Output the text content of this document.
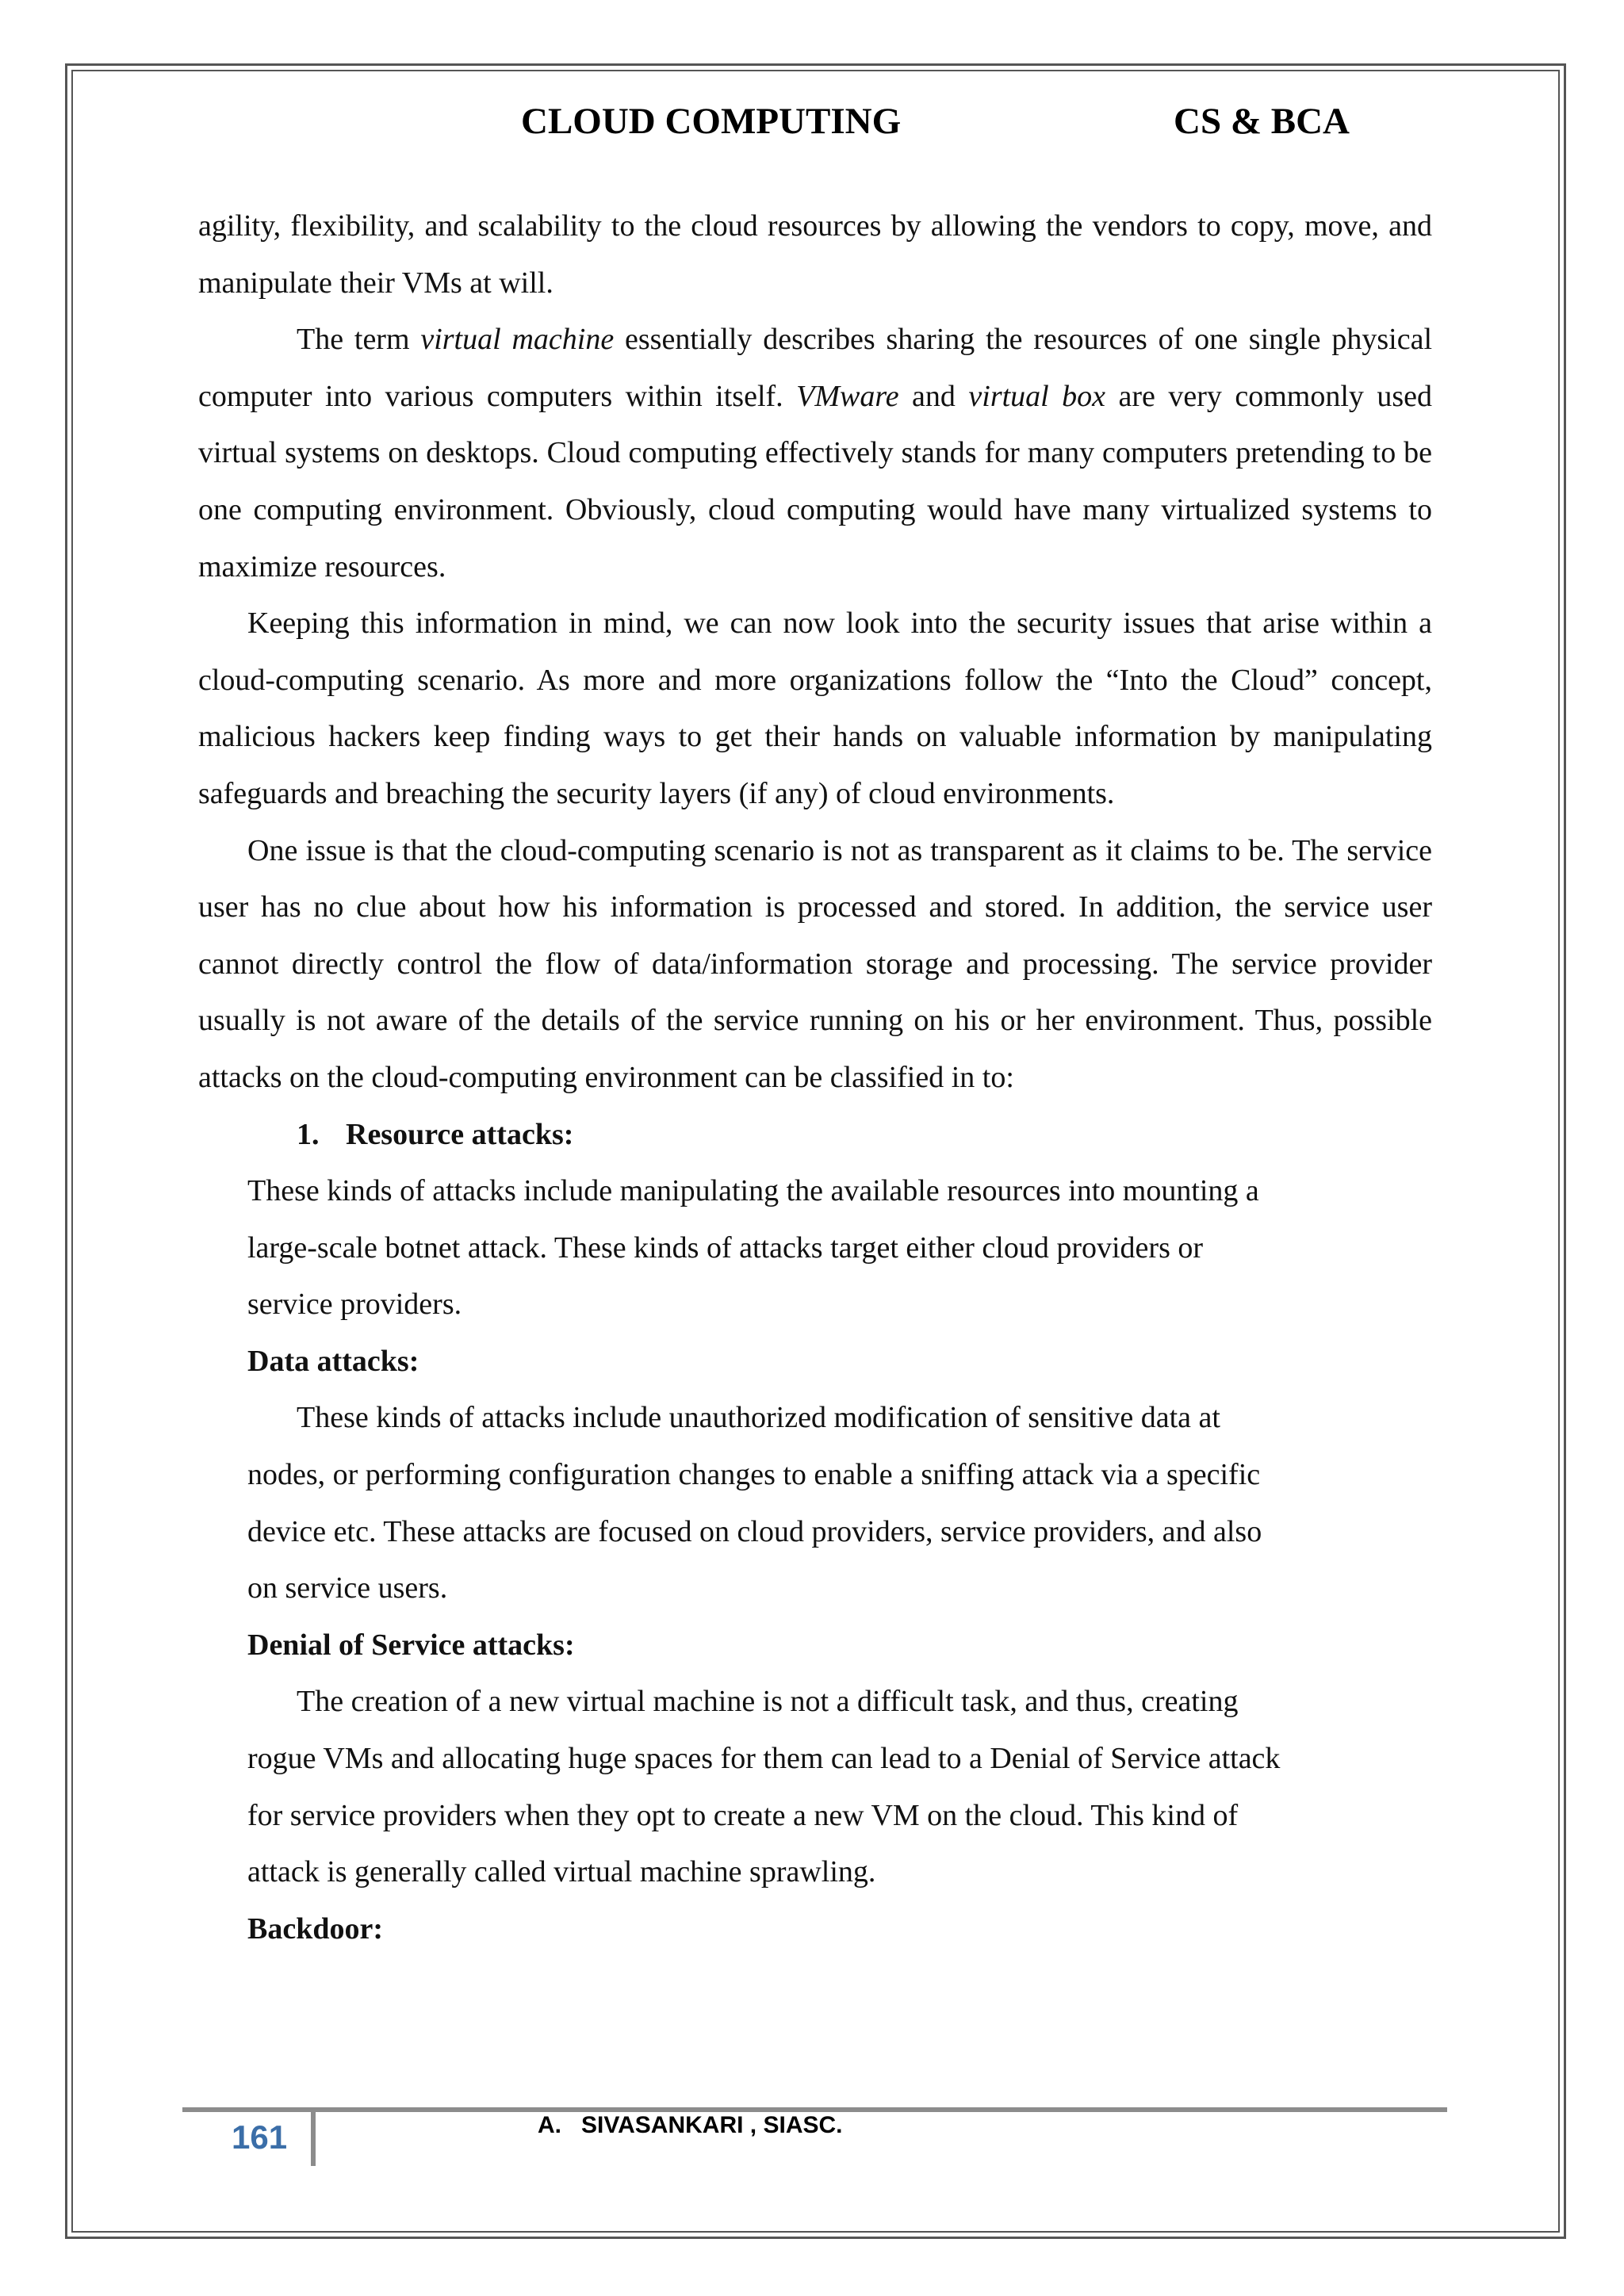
CLOUD COMPUTING	CS & BCA

agility, flexibility, and scalability to the cloud resources by allowing the vendors to copy, move, and manipulate their VMs at will.

The term virtual machine essentially describes sharing the resources of one single physical computer into various computers within itself. VMware and virtual box are very commonly used virtual systems on desktops. Cloud computing effectively stands for many computers pretending to be one computing environment. Obviously, cloud computing would have many virtualized systems to maximize resources.

Keeping this information in mind, we can now look into the security issues that arise within a cloud-computing scenario. As more and more organizations follow the “Into the Cloud” concept, malicious hackers keep finding ways to get their hands on valuable information by manipulating safeguards and breaching the security layers (if any) of cloud environments.

One issue is that the cloud-computing scenario is not as transparent as it claims to be. The service user has no clue about how his information is processed and stored. In addition, the service user cannot directly control the flow of data/information storage and processing. The service provider usually is not aware of the details of the service running on his or her environment. Thus, possible attacks on the cloud-computing environment can be classified in to:

1. Resource attacks:

These kinds of attacks include manipulating the available resources into mounting a
large-scale botnet attack. These kinds of attacks target either cloud providers or
service providers.

Data attacks:

These kinds of attacks include unauthorized modification of sensitive data at
nodes, or performing configuration changes to enable a sniffing attack via a specific
device etc. These attacks are focused on cloud providers, service providers, and also
on service users.

Denial of Service attacks:

The creation of a new virtual machine is not a difficult task, and thus, creating
rogue VMs and allocating huge spaces for them can lead to a Denial of Service attack
for service providers when they opt to create a new VM on the cloud. This kind of
attack is generally called virtual machine sprawling.

Backdoor:

161	A.   SIVASANKARI , SIASC.
